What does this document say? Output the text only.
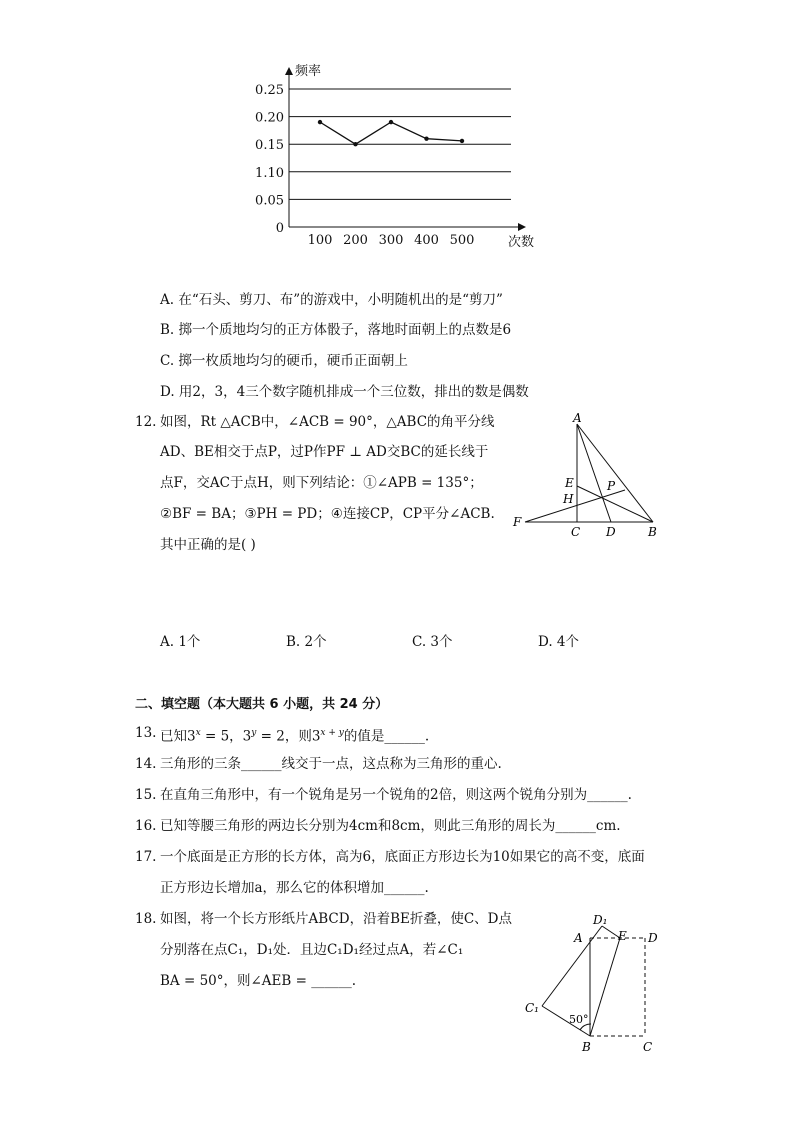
0.25
0.20
0.15
1.10
0.05
0
频率
100 200 300 400 500	次数
A. 在“石头、剪刀、布”的游戏中，小明随机出的是“剪刀”
B. 掷一个质地均匀的正方体骰子，落地时面朝上的点数是6
C. 掷一枚质地均匀的硬币，硬币正面朝上
D. 用2，3，4三个数字随机排成一个三位数，排出的数是偶数
12. 如图，Rt △ACB中，∠ACB = 90°，△ABC的角平分线
AD、BE相交于点P，过P作PF ⊥ AD交BC的延长线于
点F，交AC于点H，则下列结论：①∠APB = 135°；
②BF = BA；③PH = PD；④连接CP，CP平分∠ACB.
其中正确的是( )
A
E
H
P
F
C D	B
A. 1个	B. 2个	C. 3个	D. 4个
二、填空题（本大题共 6 小题，共 24 分）
13. 已知$3^x = 5$，$3^y = 2$，则$3^{x + y}$的值是______.
14. 三角形的三条______线交于一点，这点称为三角形的重心.
15. 在直角三角形中，有一个锐角是另一个锐角的2倍，则这两个锐角分别为______.
16. 已知等腰三角形的两边长分别为4cm和8cm，则此三角形的周长为______cm.
17. 一个底面是正方形的长方体，高为6，底面正方形边长为10如果它的高不变，底面
正方形边长增加a，那么它的体积增加______.
18. 如图，将一个长方形纸片ABCD，沿着BE折叠，使C、D点
分别落在点C₁，D₁处．且边C₁D₁经过点A，若∠C₁
BA = 50°，则∠AEB = ______.
D₁
A	E D
C₁
50°
B	C
